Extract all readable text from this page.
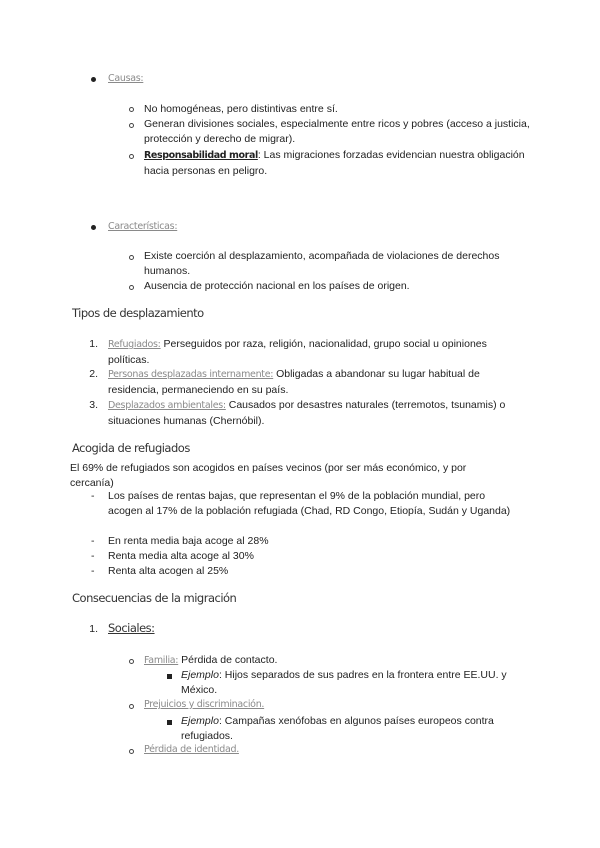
Causas:
No homogéneas, pero distintivas entre sí.
Generan divisiones sociales, especialmente entre ricos y pobres (acceso a justicia, protección y derecho de migrar).
Responsabilidad moral: Las migraciones forzadas evidencian nuestra obligación hacia personas en peligro.
Características:
Existe coerción al desplazamiento, acompañada de violaciones de derechos humanos.
Ausencia de protección nacional en los países de origen.
Tipos de desplazamiento
1. Refugiados: Perseguidos por raza, religión, nacionalidad, grupo social u opiniones políticas.
2. Personas desplazadas internamente: Obligadas a abandonar su lugar habitual de residencia, permaneciendo en su país.
3. Desplazados ambientales: Causados por desastres naturales (terremotos, tsunamis) o situaciones humanas (Chernóbil).
Acogida de refugiados
El 69% de refugiados son acogidos en países vecinos (por ser más económico, y por cercanía)
- Los países de rentas bajas, que representan el 9% de la población mundial, pero acogen al 17% de la población refugiada (Chad, RD Congo, Etiopía, Sudán y Uganda)
- En renta media baja acoge al 28%
- Renta media alta acoge al 30%
- Renta alta acogen al 25%
Consecuencias de la migración
1. Sociales:
Familia: Pérdida de contacto.
Ejemplo: Hijos separados de sus padres en la frontera entre EE.UU. y México.
Prejuicios y discriminación.
Ejemplo: Campañas xenófobas en algunos países europeos contra refugiados.
Pérdida de identidad.
